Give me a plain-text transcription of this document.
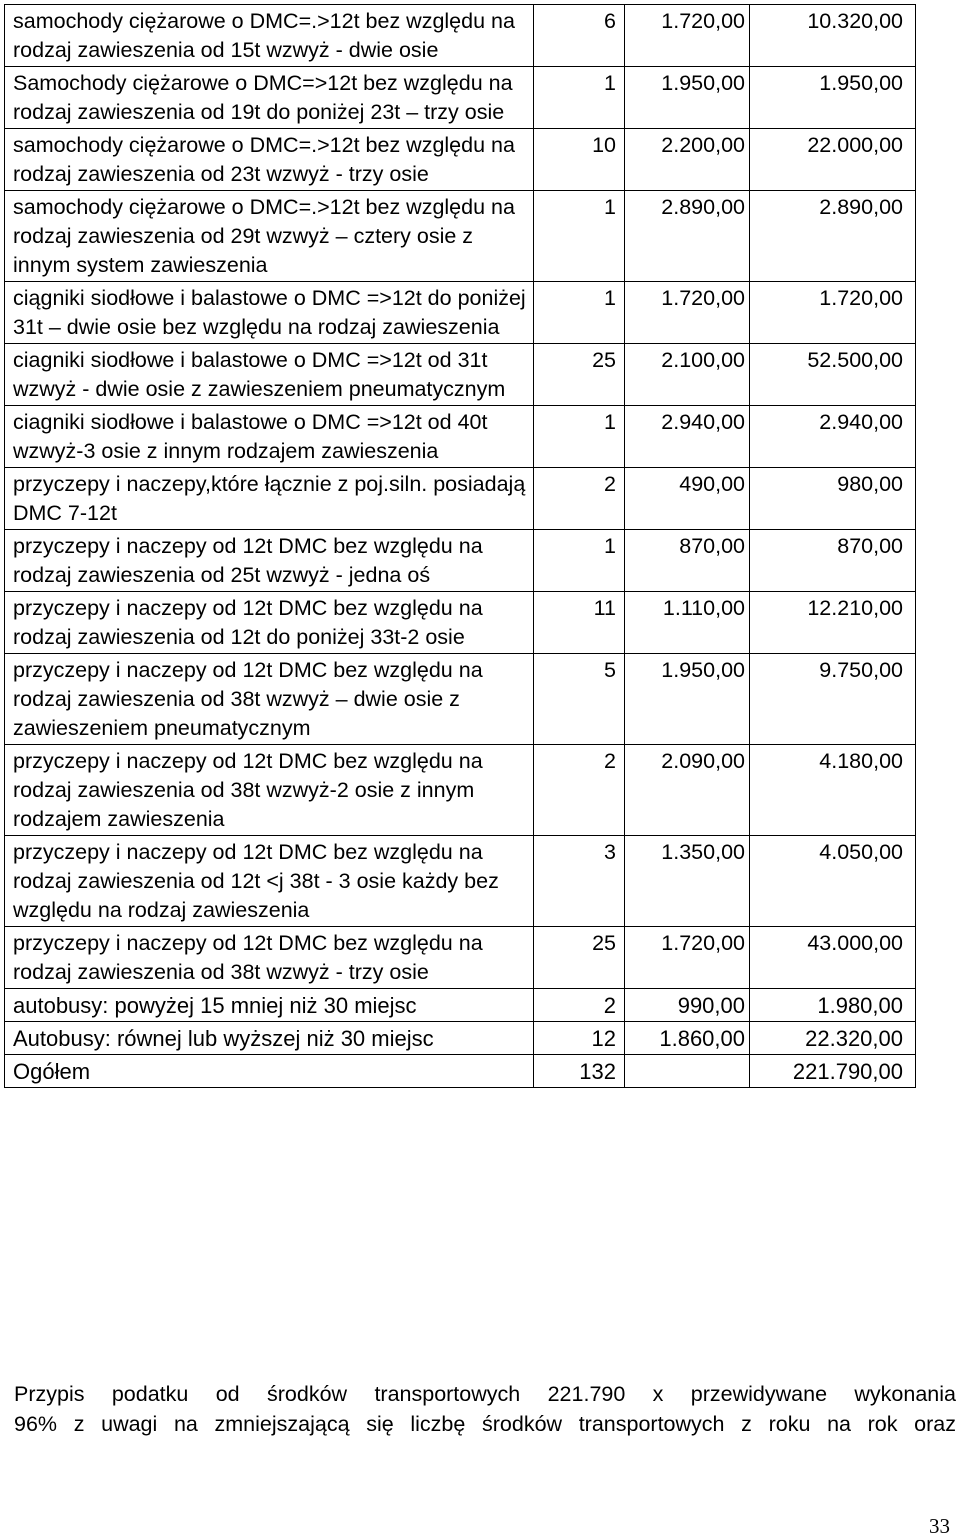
samochody ciężarowe o DMC=.>12t bez względu na rodzaj zawieszenia od 15t wzwyż - dwie osie	6	1.720,00	10.320,00
Samochody ciężarowe o DMC=>12t bez względu na rodzaj zawieszenia od 19t do poniżej 23t – trzy osie	1	1.950,00	1.950,00
samochody ciężarowe o DMC=.>12t bez względu na rodzaj zawieszenia od 23t wzwyż - trzy osie	10	2.200,00	22.000,00
samochody ciężarowe o DMC=.>12t bez względu na rodzaj zawieszenia od 29t wzwyż – cztery osie z innym system zawieszenia	1	2.890,00	2.890,00
ciągniki siodłowe i balastowe o DMC =>12t do poniżej 31t – dwie osie bez względu na rodzaj zawieszenia	1	1.720,00	1.720,00
ciagniki siodłowe i balastowe o DMC =>12t od 31t wzwyż - dwie osie z zawieszeniem pneumatycznym	25	2.100,00	52.500,00
ciagniki siodłowe i balastowe o DMC =>12t od 40t wzwyż-3 osie z innym rodzajem zawieszenia	1	2.940,00	2.940,00
przyczepy i naczepy,które łącznie z poj.siln. posiadają DMC 7-12t	2	490,00	980,00
przyczepy i naczepy od 12t DMC bez względu na rodzaj zawieszenia od 25t wzwyż - jedna oś	1	870,00	870,00
przyczepy i naczepy od 12t DMC bez względu na rodzaj zawieszenia od 12t do poniżej 33t-2 osie	11	1.110,00	12.210,00
przyczepy i naczepy od 12t DMC bez względu na rodzaj zawieszenia od 38t wzwyż – dwie osie z zawieszeniem pneumatycznym	5	1.950,00	9.750,00
przyczepy i naczepy od 12t DMC bez względu na rodzaj zawieszenia od 38t wzwyż-2 osie z innym rodzajem zawieszenia	2	2.090,00	4.180,00
przyczepy i naczepy od 12t DMC bez względu na rodzaj zawieszenia od 12t <j 38t - 3 osie każdy bez względu na rodzaj zawieszenia	3	1.350,00	4.050,00
przyczepy i naczepy od 12t DMC bez względu na rodzaj zawieszenia od 38t wzwyż - trzy osie	25	1.720,00	43.000,00
autobusy: powyżej 15 mniej niż 30 miejsc	2	990,00	1.980,00
Autobusy: równej lub wyższej niż 30 miejsc	12	1.860,00	22.320,00
Ogółem	132		221.790,00
Przypis podatku od środków transportowych 221.790 x przewidywane wykonania
96% z uwagi na zmniejszającą się liczbę środków transportowych z roku na rok oraz
33
